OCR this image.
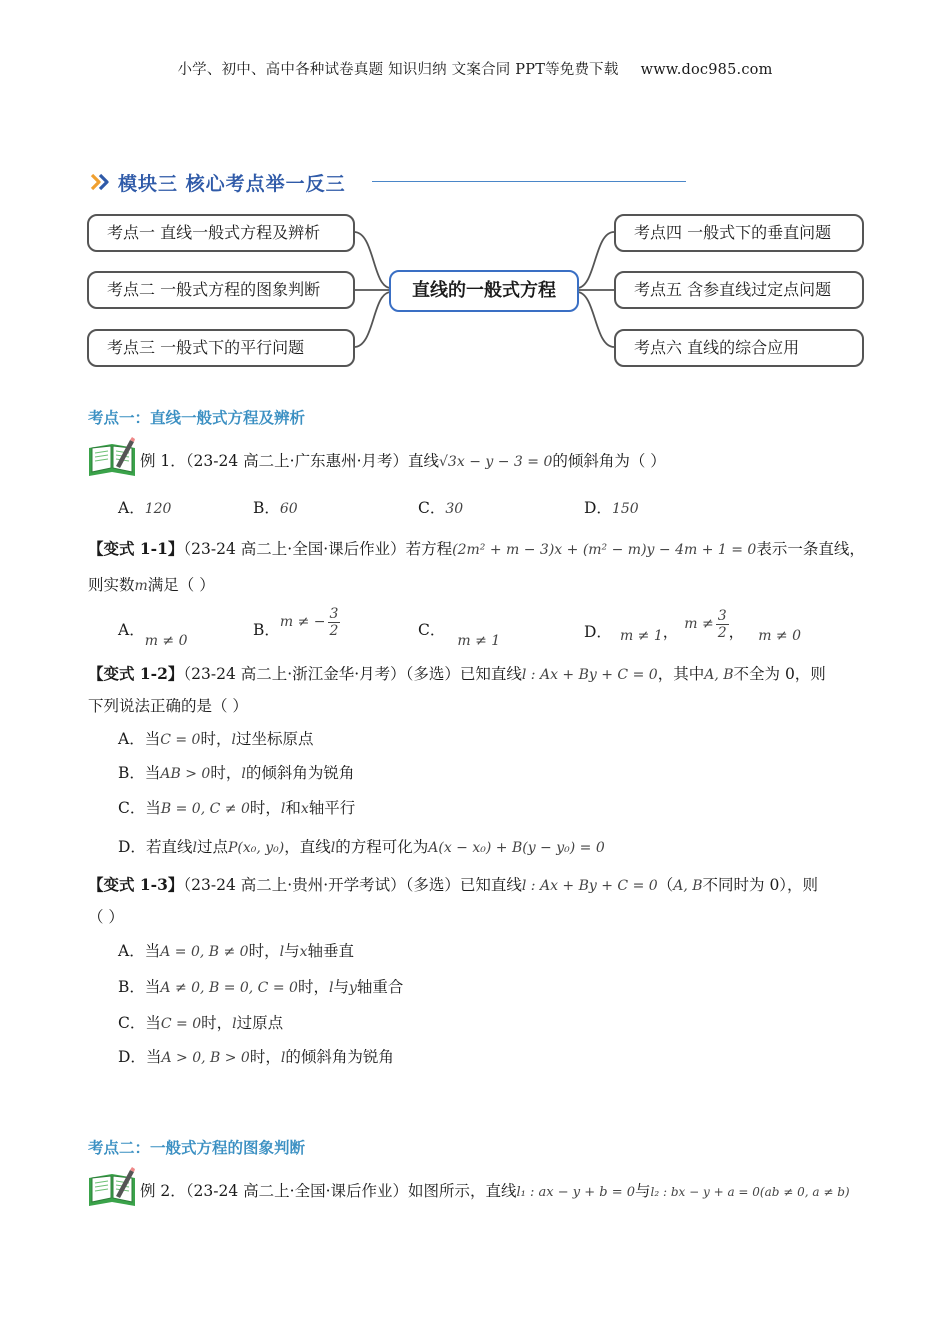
小学、初中、高中各种试卷真题 知识归纳 文案合同 PPT等免费下载 www.doc985.com
模块三 核心考点举一反三
考点一 直线一般式方程及辨析
考点二 一般式方程的图象判断
考点三 一般式下的平行问题
直线的一般式方程
考点四 一般式下的垂直问题
考点五 含参直线过定点问题
考点六 直线的综合应用
考点一：直线一般式方程及辨析
例 1．（23-24 高二上·广东惠州·月考）直线√3x − y − 3 = 0的倾斜角为（ ）
A．120	B．60	C．30	D．150
【变式 1-1】（23-24 高二上·全国·课后作业）若方程(2m² + m − 3)x + (m² − m)y − 4m + 1 = 0表示一条直线，
则实数m满足（ ）
A．m ≠ 0
B． m ≠ − $\frac{3}{2}$	C．m ≠ 1	D． m ≠ 1 ， $m \ne \frac{3}{2}$ ， m ≠ 0
【变式 1-2】（23-24 高二上·浙江金华·月考）（多选）已知直线l : Ax + By + C = 0，其中A, B不全为 0，则
下列说法正确的是（ ）
A．当C = 0时，l过坐标原点
B．当AB > 0时，l的倾斜角为锐角
C．当B = 0, C ≠ 0时，l和x轴平行
D．若直线l过点P(x₀, y₀)，直线l的方程可化为A(x − x₀) + B(y − y₀) = 0
【变式 1-3】（23-24 高二上·贵州·开学考试）（多选）已知直线l : Ax + By + C = 0（A, B不同时为 0），则
（ ）
A．当A = 0, B ≠ 0时，l与x轴垂直
B．当A ≠ 0, B = 0, C = 0时，l与y轴重合
C．当C = 0时，l过原点
D．当A > 0, B > 0时，l的倾斜角为锐角
考点二：一般式方程的图象判断
例 2．（23-24 高二上·全国·课后作业）如图所示，直线l₁ : ax − y + b = 0与l₂ : bx − y + a = 0(ab ≠ 0, a ≠ b)
